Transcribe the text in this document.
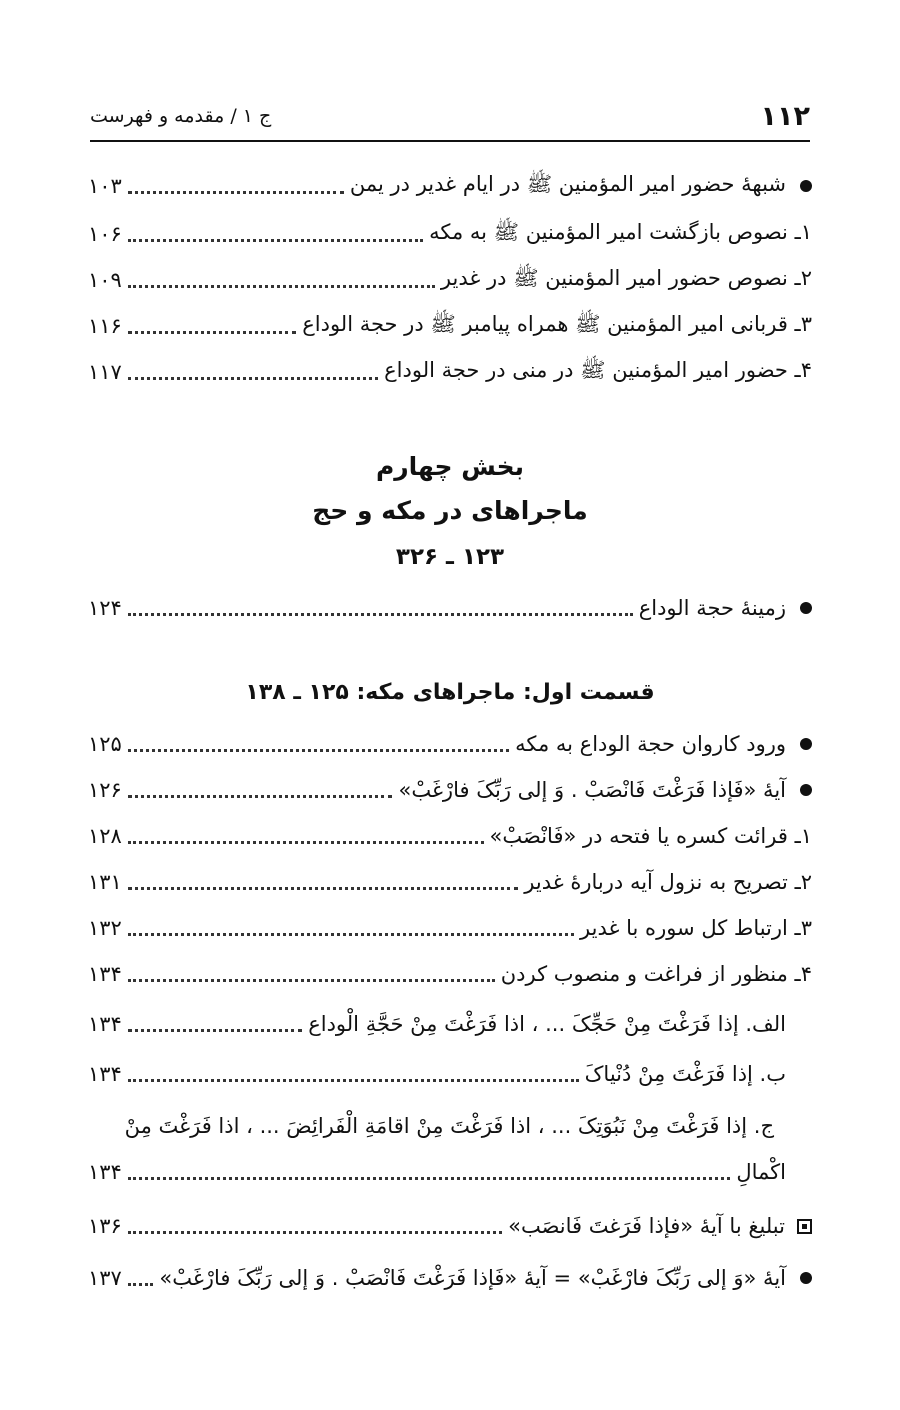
۱۱۲
ج ۱ / مقدمه و فهرست
شبهۀ حضور امیر المؤمنین ﷺ در ایام غدیر در یمن
۱۰۳
۱ـ نصوص بازگشت امیر المؤمنین ﷺ به مکه
۱۰۶
۲ـ نصوص حضور امیر المؤمنین ﷺ در غدیر
۱۰۹
۳ـ قربانی امیر المؤمنین ﷺ همراه پیامبر ﷺ در حجة الوداع
۱۱۶
۴ـ حضور امیر المؤمنین ﷺ در منی در حجة الوداع
۱۱۷
بخش چهارم
ماجراهای در مکه و حج
۱۲۳ ـ ۳۲۶
زمینۀ حجة الوداع
۱۲۴
قسمت اول: ماجراهای مکه: ۱۲۵ ـ ۱۳۸
ورود کاروان حجة الوداع به مکه
۱۲۵
آیۀ «فَإذا فَرَغْتَ فَانْصَبْ . وَ إلی رَبِّکَ فارْغَبْ»
۱۲۶
۱ـ قرائت کسره یا فتحه در «فَانْصَبْ»
۱۲۸
۲ـ تصریح به نزول آیه دربارۀ غدیر
۱۳۱
۳ـ ارتباط کل سوره با غدیر
۱۳۲
۴ـ منظور از فراغت و منصوب کردن
۱۳۴
الف. إذا فَرَغْتَ مِنْ حَجِّکَ ... ، اذا فَرَغْتَ مِنْ حَجَّةِ الْوداع
۱۳۴
ب. إذا فَرَغْتَ مِنْ دُنْیاکَ
۱۳۴
ج. إذا فَرَغْتَ مِنْ نَبُوَتِکَ ... ، اذا فَرَغْتَ مِنْ اقامَةِ الْفَرائِضَ ... ، اذا فَرَغْتَ مِنْ
اکْمالِ
۱۳۴
تبلیغ با آیۀ «فإذا فَرَغتَ فَانصَب»
۱۳۶
آیۀ «وَ إلی رَبِّکَ فارْغَبْ» = آیۀ «فَإذا فَرَغْتَ فَانْصَبْ . وَ إلی رَبِّکَ فارْغَبْ»
۱۳۷
